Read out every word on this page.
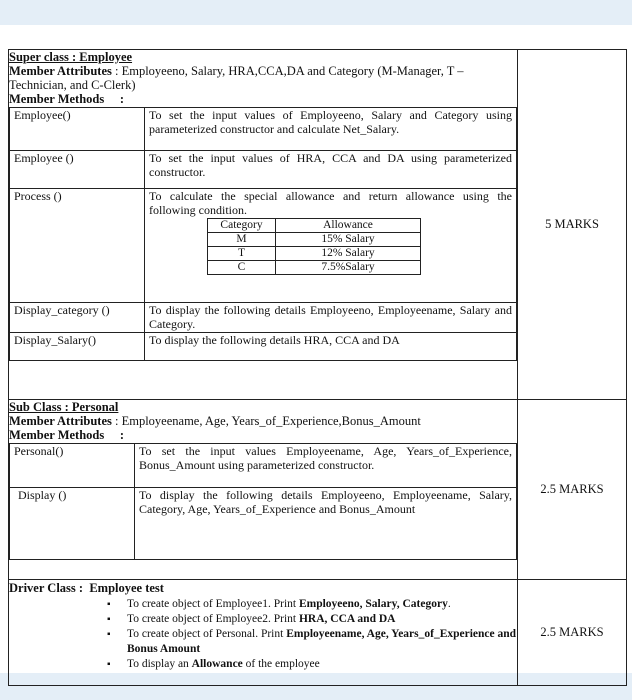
Super class : Employee
Member Attributes : Employeeno, Salary, HRA,CCA,DA and Category (M-Manager, T – Technician, and C-Clerk)
Member Methods :
Employee()	To set the input values of Employeeno, Salary and Category using parameterized constructor and calculate Net_Salary.
Employee ()	To set the input values of HRA, CCA and DA using parameterized constructor.
Process ()	To calculate the special allowance and return allowance using the following condition.
Category	Allowance
M	15% Salary
T	12% Salary
C	7.5%Salary

Display_category ()	To display the following details Employeeno, Employeename, Salary and Category.
Display_Salary()	To display the following details HRA, CCA and DA
	5 MARKS

Sub Class : Personal
Member Attributes : Employeename, Age, Years_of_Experience,Bonus_Amount
Member Methods :
Personal()	To set the input values Employeename, Age, Years_of_Experience, Bonus_Amount using parameterized constructor.
Display ()	To display the following details Employeeno, Employeename, Salary, Category, Age, Years_of_Experience and Bonus_Amount
	2.5 MARKS

Driver Class : Employee test
▪ To create object of Employee1. Print Employeeno, Salary, Category.
▪ To create object of Employee2. Print HRA, CCA and DA
▪ To create object of Personal. Print Employeename, Age, Years_of_Experience and Bonus Amount
▪ To display an Allowance of the employee
	2.5 MARKS
